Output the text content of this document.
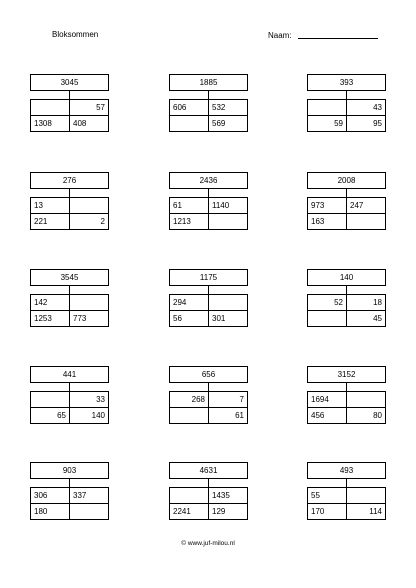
Bloksommen	Naam:
3045
	57
1308	408
1885
606	532
	569
393
	43
59	95
276
13	
221	2
2436
61	1140
1213	
2008
973	247
163	
3545
142	
1253	773
1175
294	
56	301
140
52	18
	45
441
	33
65	140
656
268	7
	61
3152
1694	
456	80
903
306	337
180	
4631
	1435
2241	129
493
55	
170	114
© www.juf-milou.nl
